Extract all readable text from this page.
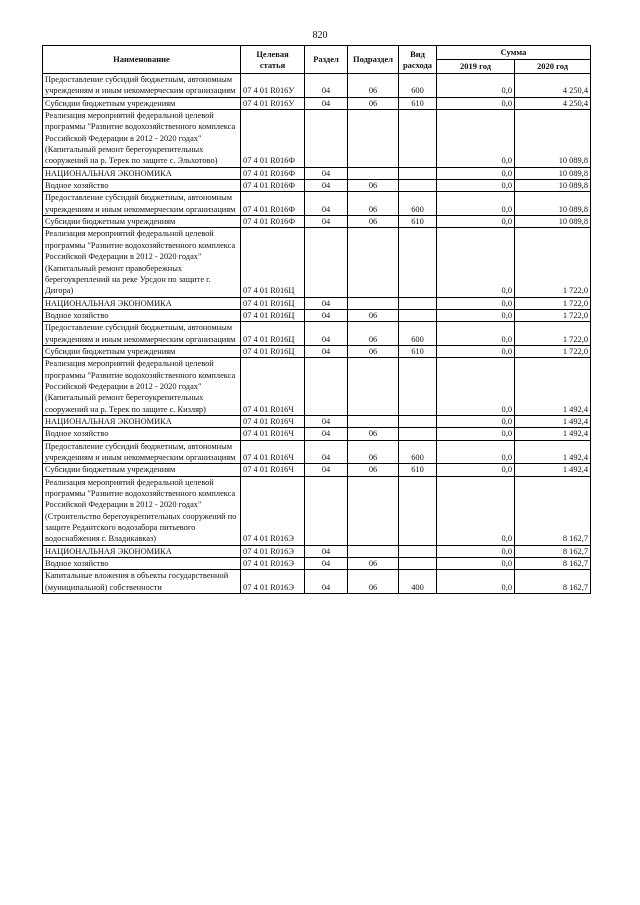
820
Наименование	Целевая статья	Раздел	Подраздел	Вид расхода	Сумма	
					2019 год	2020 год
Предоставление субсидий бюджетным, автономным учреждениям и иным некоммерческим организациям	07 4 01 R016У	04	06	600	0,0	4 250,4
Субсидии бюджетным учреждениям	07 4 01 R016У	04	06	610	0,0	4 250,4
Реализация мероприятий федеральной целевой программы "Развитие водохозяйственного комплекса Российской Федерации в 2012 - 2020 годах" (Капитальный ремонт берегоукрепительных сооружений на р. Терек по защите с. Эльхотово)	07 4 01 R016Ф				0,0	10 089,8
НАЦИОНАЛЬНАЯ ЭКОНОМИКА	07 4 01 R016Ф	04			0,0	10 089,8
Водное хозяйство	07 4 01 R016Ф	04	06		0,0	10 089,8
Предоставление субсидий бюджетным, автономным учреждениям и иным некоммерческим организациям	07 4 01 R016Ф	04	06	600	0,0	10 089,8
Субсидии бюджетным учреждениям	07 4 01 R016Ф	04	06	610	0,0	10 089,8
Реализация мероприятий федеральной целевой программы "Развитие водохозяйственного комплекса Российской Федерации в 2012 - 2020 годах" (Капитальный ремонт правобережных берегоукреплений на реке Урсдон по защите г. Дигора)	07 4 01 R016Ц				0,0	1 722,0
НАЦИОНАЛЬНАЯ ЭКОНОМИКА	07 4 01 R016Ц	04			0,0	1 722,0
Водное хозяйство	07 4 01 R016Ц	04	06		0,0	1 722,0
Предоставление субсидий бюджетным, автономным учреждениям и иным некоммерческим организациям	07 4 01 R016Ц	04	06	600	0,0	1 722,0
Субсидии бюджетным учреждениям	07 4 01 R016Ц	04	06	610	0,0	1 722,0
Реализация мероприятий федеральной целевой программы "Развитие водохозяйственного комплекса Российской Федерации в 2012 - 2020 годах" (Капитальный ремонт берегоукрепительных сооружений на р. Терек по защите с. Кизляр)	07 4 01 R016Ч				0,0	1 492,4
НАЦИОНАЛЬНАЯ ЭКОНОМИКА	07 4 01 R016Ч	04			0,0	1 492,4
Водное хозяйство	07 4 01 R016Ч	04	06		0,0	1 492,4
Предоставление субсидий бюджетным, автономным учреждениям и иным некоммерческим организациям	07 4 01 R016Ч	04	06	600	0,0	1 492,4
Субсидии бюджетным учреждениям	07 4 01 R016Ч	04	06	610	0,0	1 492,4
Реализация мероприятий федеральной целевой программы "Развитие водохозяйственного комплекса Российской Федерации в 2012 - 2020 годах" (Строительство берегоукрепительных сооружений по защите Редантского водозабора питьевого водоснабжения г. Владикавказ)	07 4 01 R016Э				0,0	8 162,7
НАЦИОНАЛЬНАЯ ЭКОНОМИКА	07 4 01 R016Э	04			0,0	8 162,7
Водное хозяйство	07 4 01 R016Э	04	06		0,0	8 162,7
Капитальные вложения в объекты государственной (муниципальной) собственности	07 4 01 R016Э	04	06	400	0,0	8 162,7
